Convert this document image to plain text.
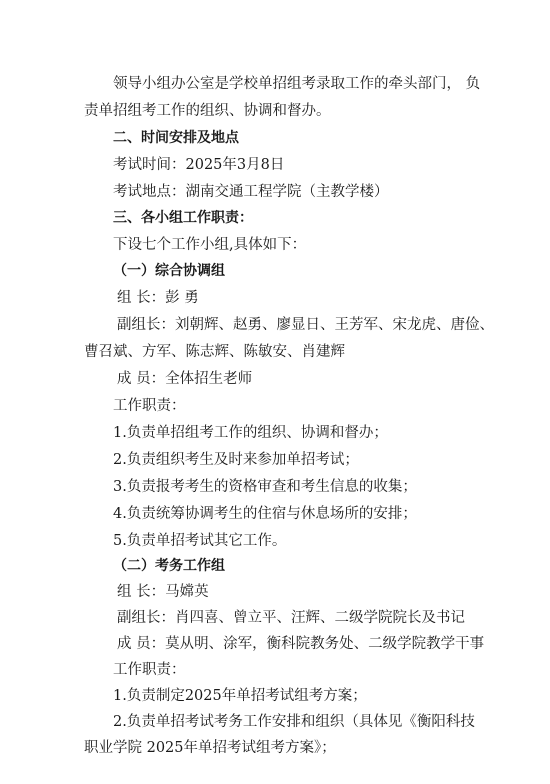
领导小组办公室是学校单招组考录取工作的牵头部门， 负
责单招组考工作的组织、协调和督办。
二、时间安排及地点
考试时间：2025年3月8日
考试地点：湖南交通工程学院（主教学楼）
三、各小组工作职责：
下设七个工作小组,具体如下：
（一）综合协调组
组 长：彭 勇
副组长：刘朝辉、赵勇、廖显日、王芳军、宋龙虎、唐俭、
曹召斌、方军、陈志辉、陈敏安、肖建辉
成 员：全体招生老师
工作职责：
1.负责单招组考工作的组织、协调和督办；
2.负责组织考生及时来参加单招考试；
3.负责报考考生的资格审查和考生信息的收集；
4.负责统筹协调考生的住宿与休息场所的安排；
5.负责单招考试其它工作。
（二）考务工作组
组 长：马嫦英
副组长：肖四喜、曾立平、汪辉、二级学院院长及书记
成 员：莫从明、涂军，衡科院教务处、二级学院教学干事
工作职责：
1.负责制定2025年单招考试组考方案；
2.负责单招考试考务工作安排和组织（具体见《衡阳科技
职业学院 2025年单招考试组考方案》；
